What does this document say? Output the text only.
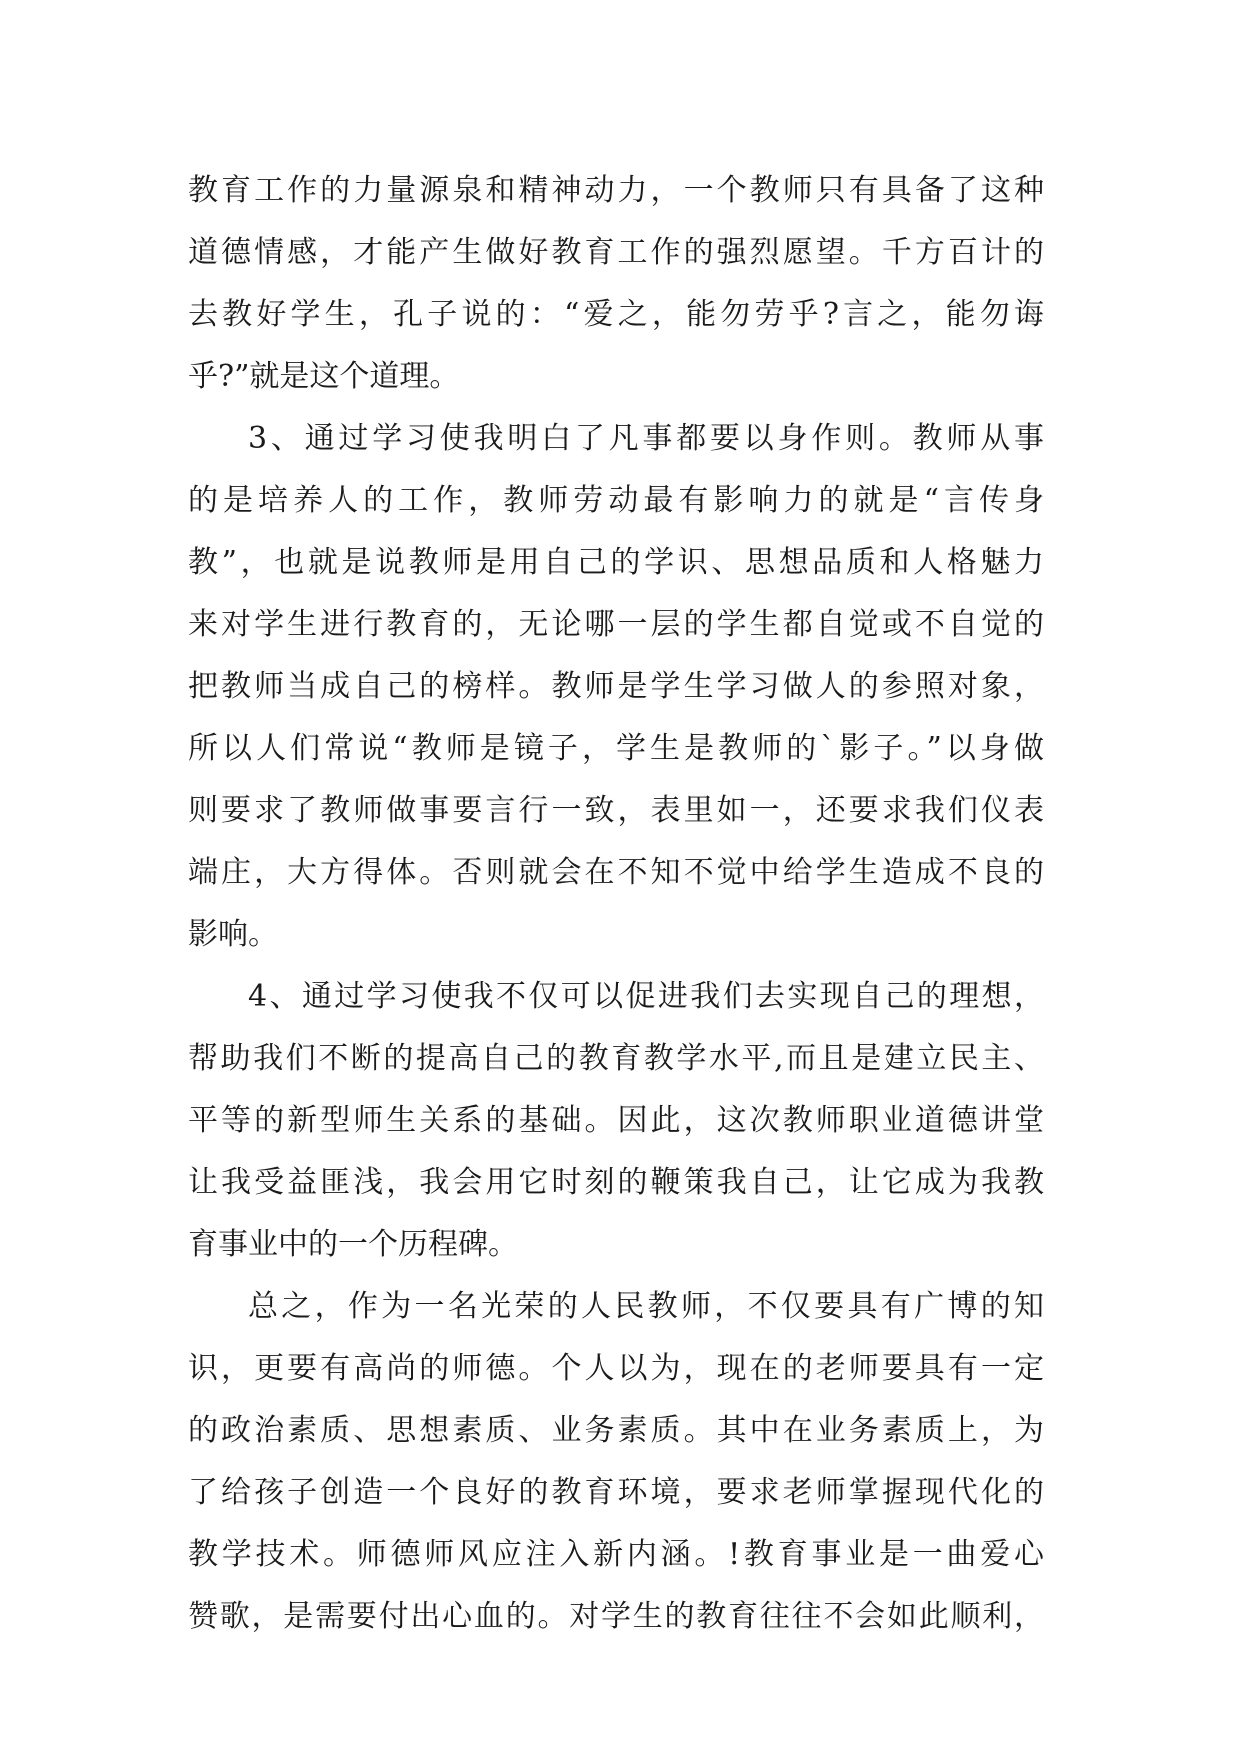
教育工作的力量源泉和精神动力，一个教师只有具备了这种
道德情感，才能产生做好教育工作的强烈愿望。千方百计的
去教好学生，孔子说的：“爱之，能勿劳乎?言之，能勿诲
乎?”就是这个道理。
3、通过学习使我明白了凡事都要以身作则。教师从事
的是培养人的工作，教师劳动最有影响力的就是“言传身
教”，也就是说教师是用自己的学识、思想品质和人格魅力
来对学生进行教育的，无论哪一层的学生都自觉或不自觉的
把教师当成自己的榜样。教师是学生学习做人的参照对象，
所以人们常说“教师是镜子，学生是教师的`影子。”以身做
则要求了教师做事要言行一致，表里如一，还要求我们仪表
端庄，大方得体。否则就会在不知不觉中给学生造成不良的
影响。
4、通过学习使我不仅可以促进我们去实现自己的理想，
帮助我们不断的提高自己的教育教学水平,而且是建立民主、
平等的新型师生关系的基础。因此，这次教师职业道德讲堂
让我受益匪浅，我会用它时刻的鞭策我自己，让它成为我教
育事业中的一个历程碑。
总之，作为一名光荣的人民教师，不仅要具有广博的知
识，更要有高尚的师德。个人以为，现在的老师要具有一定
的政治素质、思想素质、业务素质。其中在业务素质上，为
了给孩子创造一个良好的教育环境，要求老师掌握现代化的
教学技术。师德师风应注入新内涵。!教育事业是一曲爱心
赞歌，是需要付出心血的。对学生的教育往往不会如此顺利，
